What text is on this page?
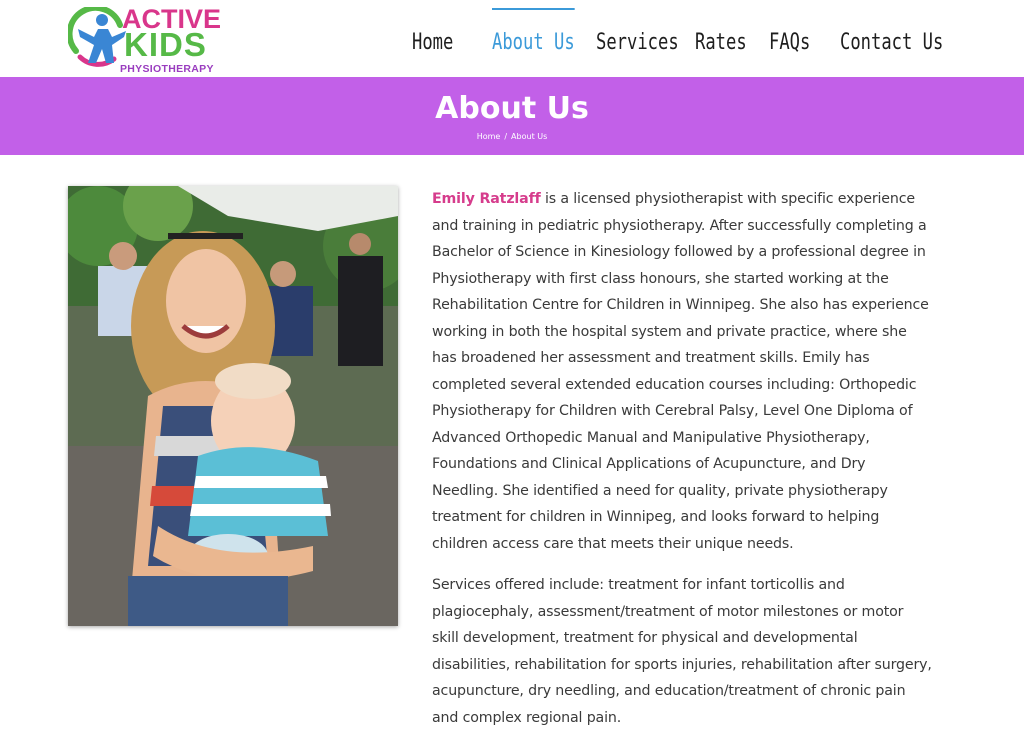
ACTIVE
KIDS
PHYSIOTHERAPY
Home About Us Services Rates FAQs Contact Us
About Us
Home / About Us

Emily Ratzlaff is a licensed physiotherapist with specific experience and training in pediatric physiotherapy. After successfully completing a Bachelor of Science in Kinesiology followed by a professional degree in Physiotherapy with first class honours, she started working at the Rehabilitation Centre for Children in Winnipeg. She also has experience working in both the hospital system and private practice, where she has broadened her assessment and treatment skills. Emily has completed several extended education courses including: Orthopedic Physiotherapy for Children with Cerebral Palsy, Level One Diploma of Advanced Orthopedic Manual and Manipulative Physiotherapy, Foundations and Clinical Applications of Acupuncture, and Dry Needling. She identified a need for quality, private physiotherapy treatment for children in Winnipeg, and looks forward to helping children access care that meets their unique needs.

Services offered include: treatment for infant torticollis and plagiocephaly, assessment/treatment of motor milestones or motor skill development, treatment for physical and developmental disabilities, rehabilitation for sports injuries, rehabilitation after surgery, acupuncture, dry needling, and education/treatment of chronic pain and complex regional pain.
